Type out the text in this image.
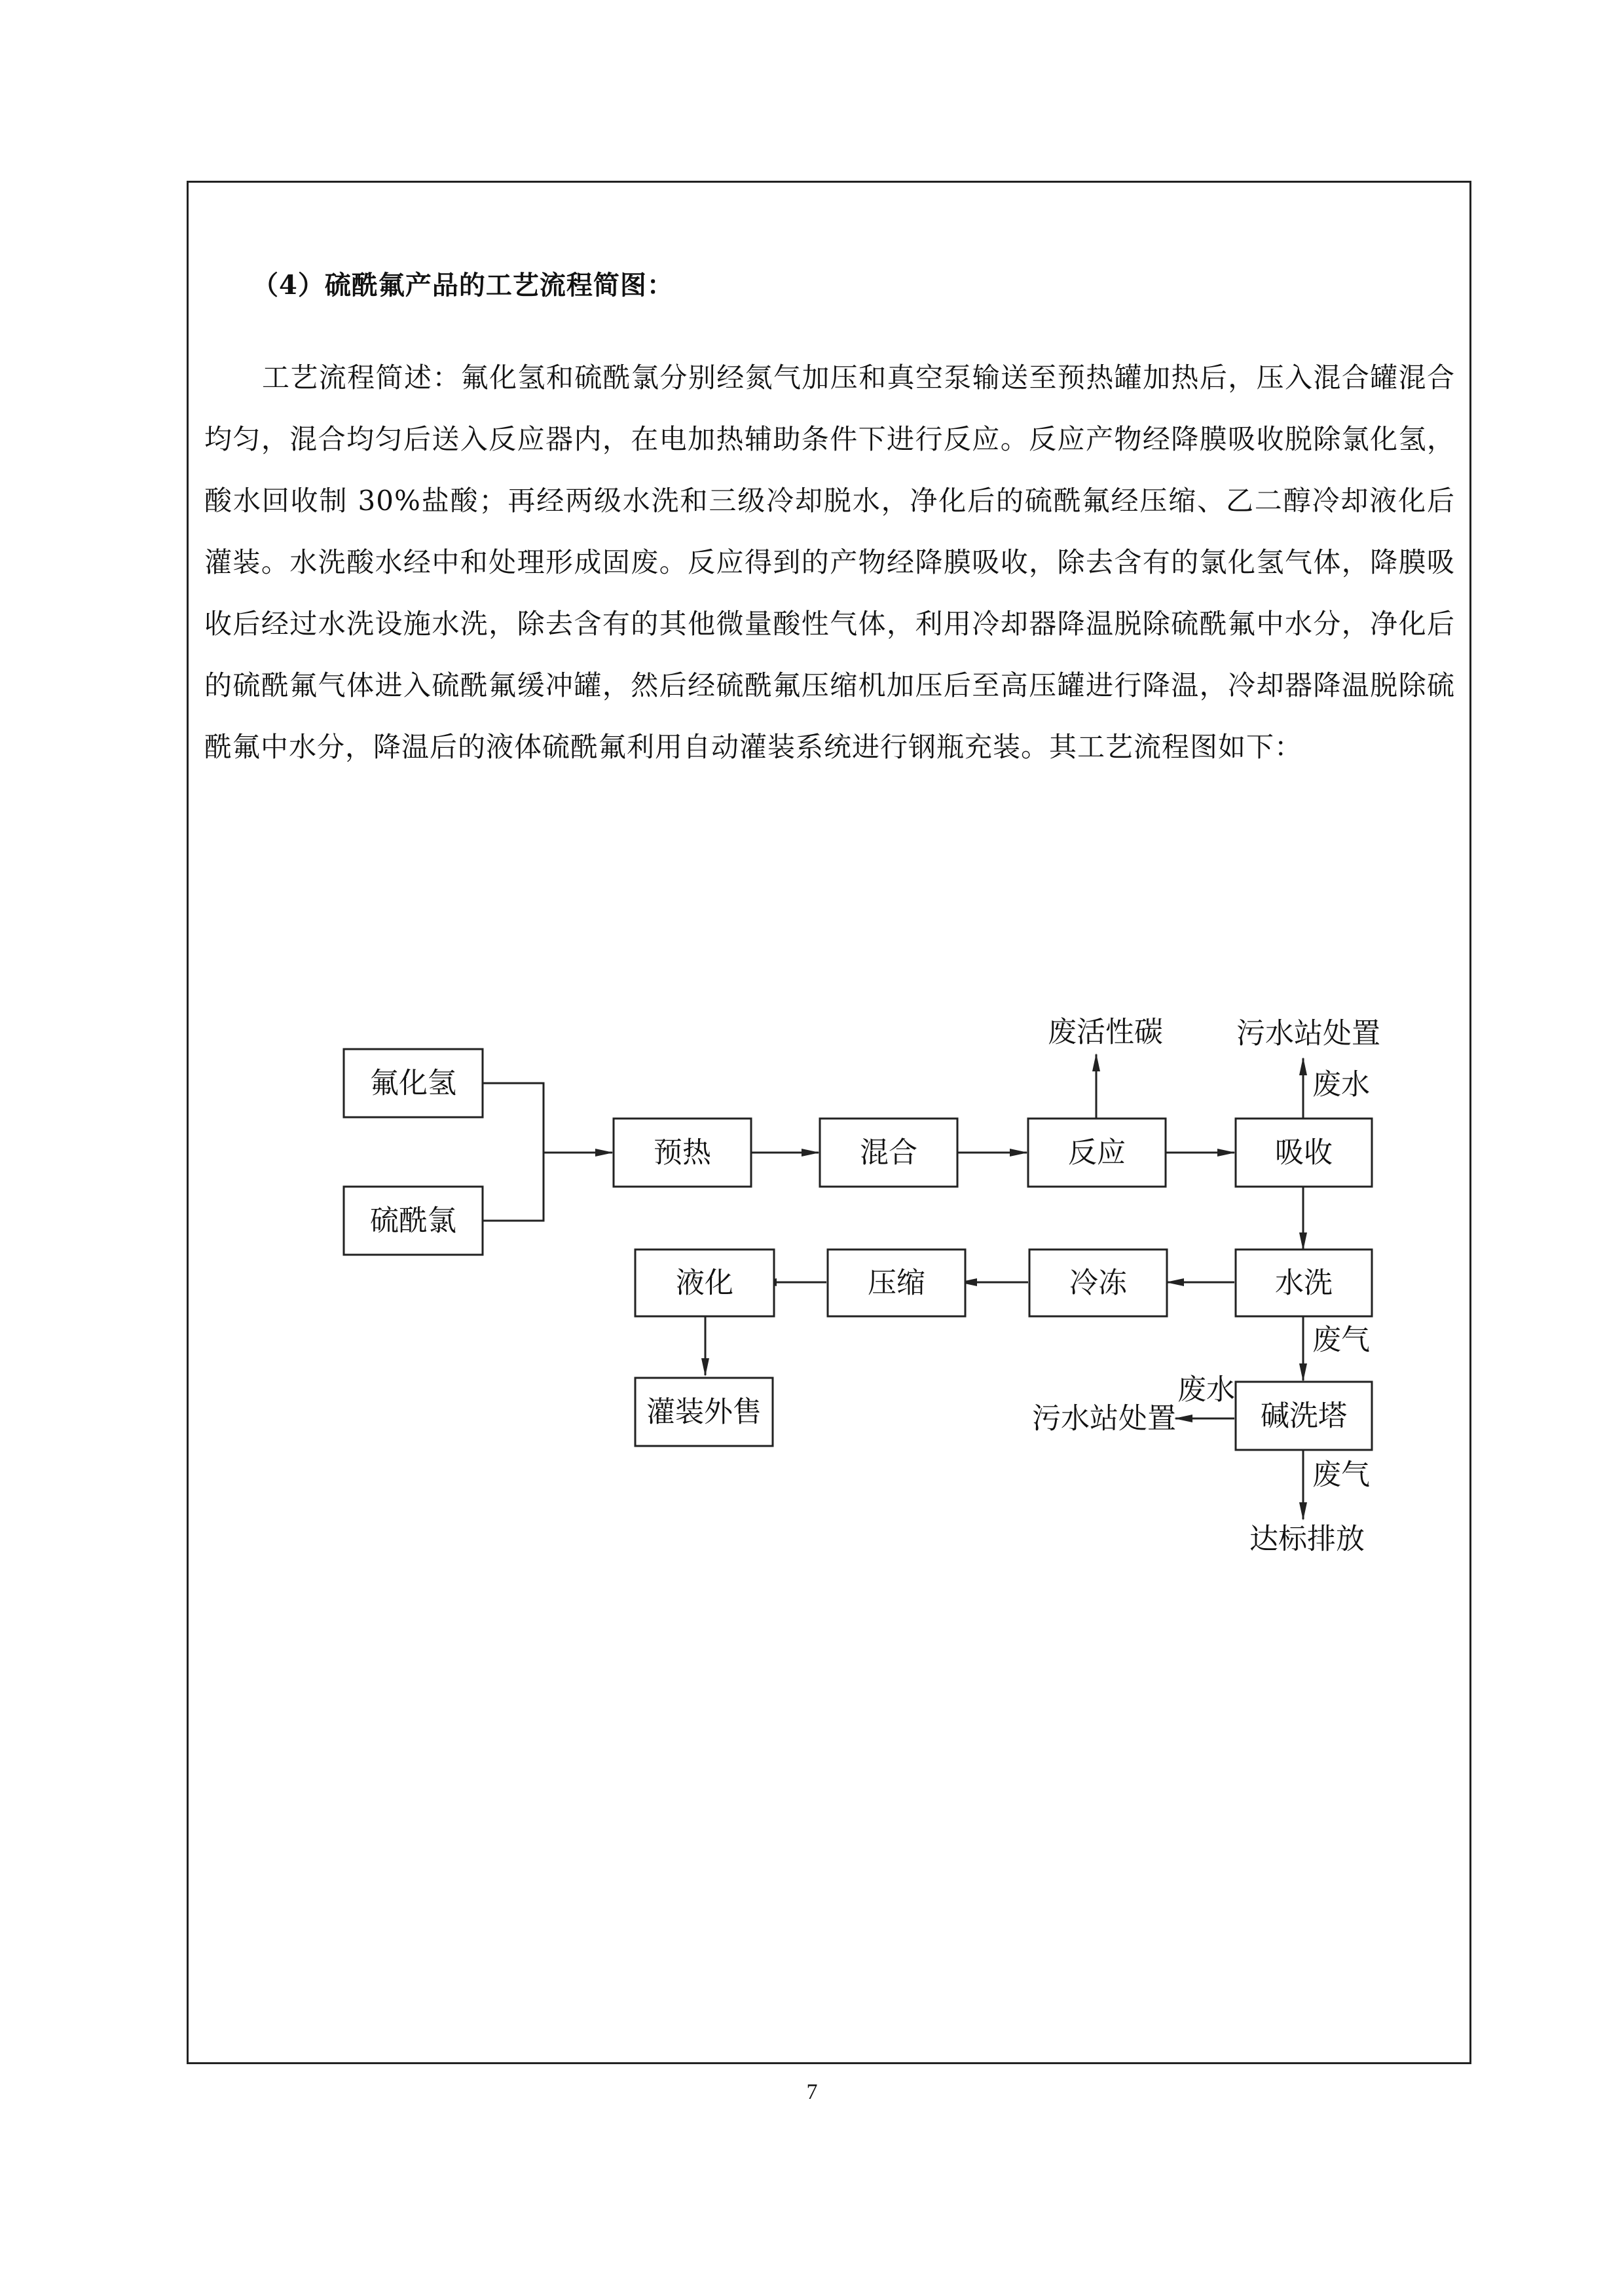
（4）硫酰氟产品的工艺流程简图：
工艺流程简述：氟化氢和硫酰氯分别经氮气加压和真空泵输送至预热罐加热后，压入混合罐混合均匀，混合均匀后送入反应器内，在电加热辅助条件下进行反应。反应产物经降膜吸收脱除氯化氢，酸水回收制 30%盐酸；再经两级水洗和三级冷却脱水，净化后的硫酰氟经压缩、乙二醇冷却液化后灌装。水洗酸水经中和处理形成固废。反应得到的产物经降膜吸收，除去含有的氯化氢气体，降膜吸收后经过水洗设施水洗，除去含有的其他微量酸性气体，利用冷却器降温脱除硫酰氟中水分，净化后的硫酰氟气体进入硫酰氟缓冲罐，然后经硫酰氟压缩机加压后至高压罐进行降温，冷却器降温脱除硫酰氟中水分，降温后的液体硫酰氟利用自动灌装系统进行钢瓶充装。其工艺流程图如下：
氟化氢
硫酰氯
预热	混合	反应	吸收
水洗
冷冻
压缩
液化
灌装外售	碱洗塔
废活性碳	污水站处置
废水
废气
废水
污水站处置
废气
达标排放
7
